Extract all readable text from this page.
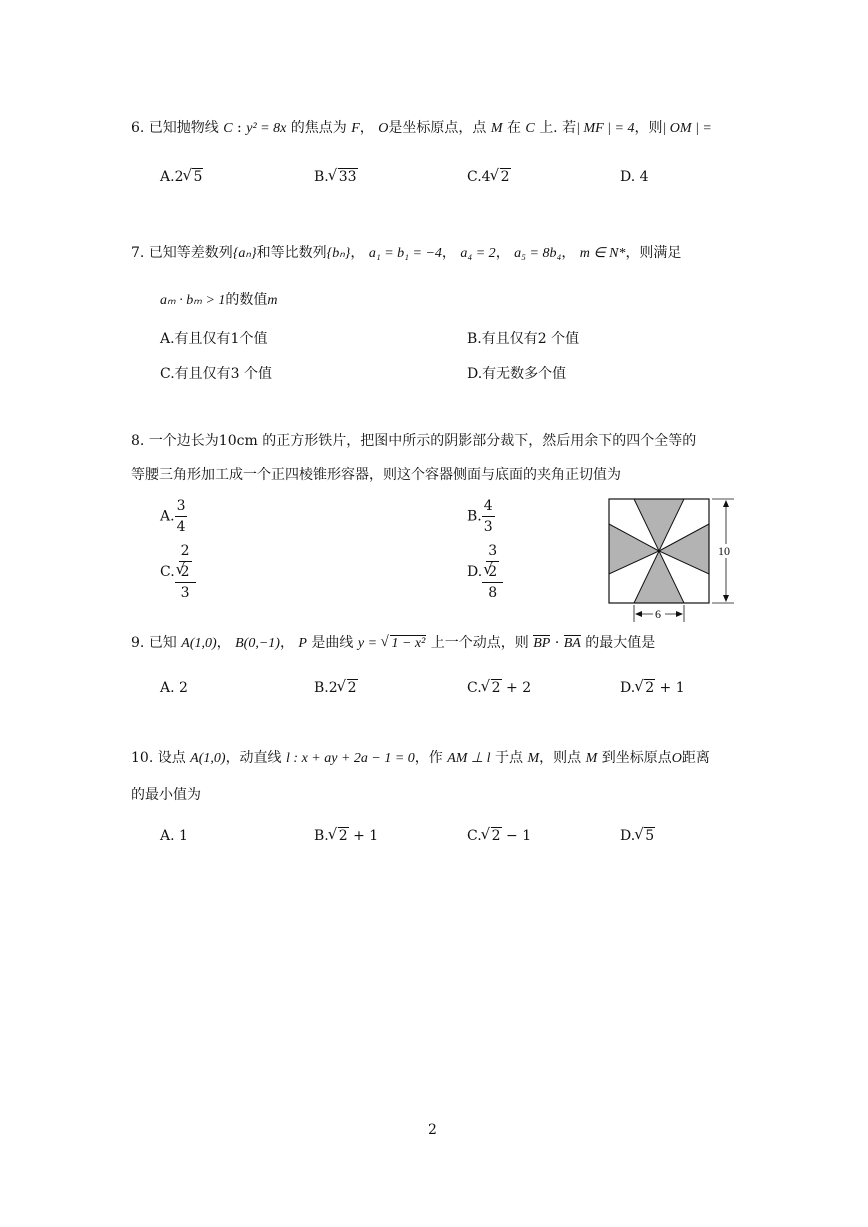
6. 已知抛物线 C : y² = 8x 的焦点为 F， O是坐标原点，点 M 在 C 上. 若| MF | = 4，则| OM | =
A.2 √ 5	B. √ 33	C.4 √ 2	D. 4
7. 已知等差数列{aₙ}和等比数列{bₙ}， a₁ = b₁ = −4， a₄ = 2， a₅ = 8b₄， m ∈ N*，则满足
aₘ · bₘ > 1的数值m
A.有且仅有1个值	B.有且仅有2 个值
C.有且仅有3 个值	D.有无数多个值
8. 一个边长为10cm 的正方形铁片，把图中所示的阴影部分裁下，然后用余下的四个全等的
等腰三角形加工成一个正四棱锥形容器，则这个容器侧面与底面的夹角正切值为
A. $\frac{3}{4}$	B. $\frac{4}{3}$
C. 2
√ 2
3	D. 3
√ 2
8	10
6
9. 已知 A(1,0)， B(0,−1)， P 是曲线 y = √ 1 − x² 上一个动点，则 BP · BA 的最大值是
A. 2	B.2 √ 2	C. √ 2 + 2	D. √ 2 + 1
10. 设点 A(1,0)，动直线 l : x + ay + 2a − 1 = 0，作 AM ⊥ l 于点 M，则点 M 到坐标原点O距离
的最小值为
A. 1	B. √ 2 + 1	C. √ 2 − 1	D. √ 5
2
